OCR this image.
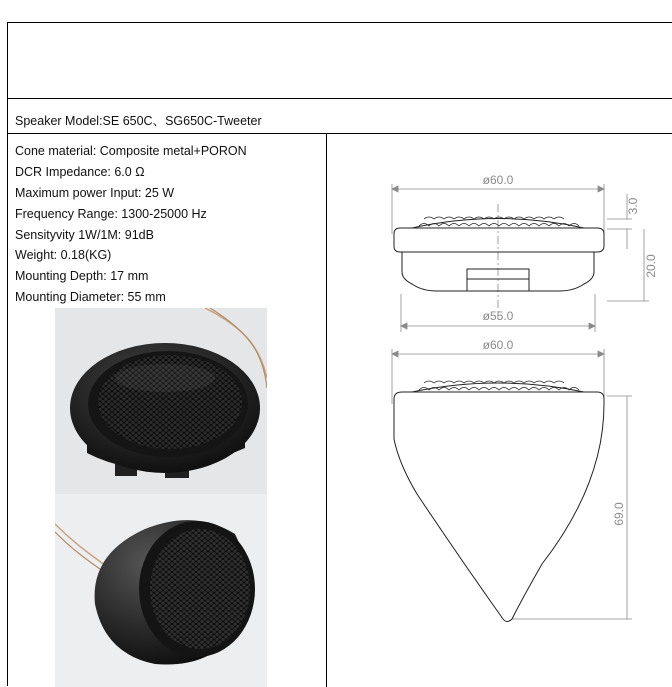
Speaker Model:SE 650C、SG650C-Tweeter
Cone material: Composite metal+PORON
DCR Impedance: 6.0 Ω
Maximum power Input: 25 W
Frequency Range: 1300-25000 Hz
Sensityvity 1W/1M: 91dB
Weight: 0.18(KG)
Mounting Depth: 17 mm
Mounting Diameter: 55 mm
ø60.0
3.0
20.0
ø55.0
ø60.0
69.0
